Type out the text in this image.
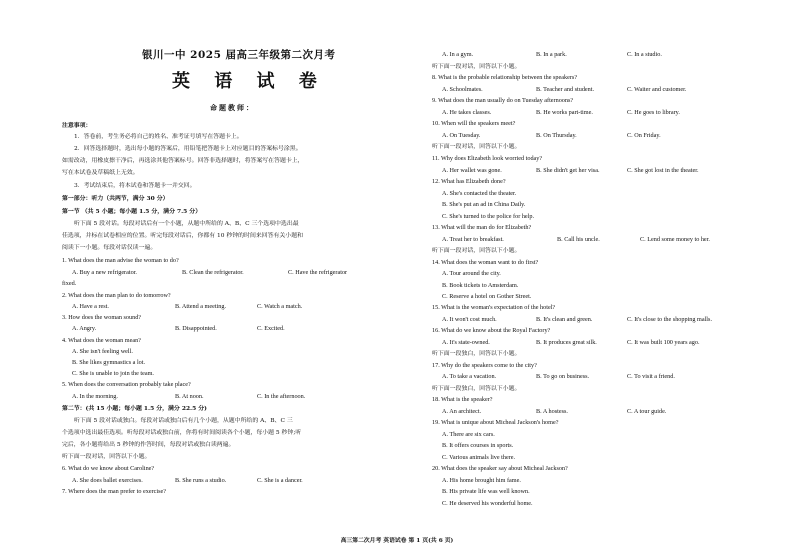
银川一中 2025 届高三年级第二次月考
英 语 试 卷
命题教师：
注意事项：
1．答卷前，考生务必将自己的姓名、准考证号填写在答题卡上。
2．回答选择题时，选出每小题的答案后，用铅笔把答题卡上对应题目的答案标号涂黑。
如需改动，用橡皮擦干净后，再选涂其他答案标号。回答非选择题时，将答案写在答题卡上，
写在本试卷及草稿纸上无效。
3．考试结束后，将本试卷和答题卡一并交回。
第一部分：听力（共两节，满分 30 分）
第一节 （共 5 小题；每小题 1.5 分，满分 7.5 分）
听下面 5 段对话。每段对话后有一个小题，从题中所给的 A、B、C 三个选项中选出最
佳选项，并标在试卷相应的位置。听完每段对话后，你都有 10 秒钟的时间来回答有关小题和
阅读下一小题。每段对话仅读一遍。
1. What does the man advise the woman to do?
A. Buy a new refrigerator.	B. Clean the refrigerator.	C. Have the refrigerator
fixed.
2. What does the man plan to do tomorrow?
A. Have a rest.	B. Attend a meeting.	C. Watch a match.
3. How does the woman sound?
A. Angry.	B. Disappointed.	C. Excited.
4. What does the woman mean?
A. She isn't feeling well.
B. She likes gymnastics a lot.
C. She is unable to join the team.
5. When does the conversation probably take place?
A. In the morning.	B. At noon.	C. In the afternoon.
第二节：(共 15 小题；每小题 1.5 分，满分 22.5 分)
听下面 5 段对话或独白。每段对话或独白后有几个小题，从题中所给的 A、B、C 三
个选项中选出最佳选项。听每段对话或独白前，你将有时间阅读各个小题，每小题 5 秒钟;听
完后，各小题将给出 5 秒钟的作答时间，每段对话或独白读两遍。
听下面一段对话，回答以下小题。
6. What do we know about Caroline?
A. She does ballet exercises.	B. She runs a studio.	C. She is a dancer.
7. Where does the man prefer to exercise?
A. In a gym.	B. In a park.	C. In a studio.
听下面一段对话，回答以下小题。
8. What is the probable relationship between the speakers?
A. Schoolmates.	B. Teacher and student.	C. Waiter and customer.
9. What does the man usually do on Tuesday afternoons?
A. He takes classes.	B. He works part-time.	C. He goes to library.
10. When will the speakers meet?
A. On Tuesday.	B. On Thursday.	C. On Friday.
听下面一段对话，回答以下小题。
11. Why does Elizabeth look worried today?
A. Her wallet was gone.	B. She didn't get her visa.	C. She got lost in the theater.
12. What has Elizabeth done?
A. She's contacted the theater.
B. She's put an ad in China Daily.
C. She's turned to the police for help.
13. What will the man do for Elizabeth?
A. Treat her to breakfast.	B. Call his uncle.	C. Lend some money to her.
听下面一段对话，回答以下小题。
14. What does the woman want to do first?
A. Tour around the city.
B. Book tickets to Amsterdam.
C. Reserve a hotel on Gother Street.
15. What is the woman's expectation of the hotel?
A. It won't cost much.	B. It's clean and green.	C. It's close to the shopping malls.
16. What do we know about the Royal Factory?
A. It's state-owned.	B. It produces great silk.	C. It was built 100 years ago.
听下面一段独白，回答以下小题。
17. Why do the speakers come to the city?
A. To take a vacation.	B. To go on business.	C. To visit a friend.
听下面一段独白，回答以下小题。
18. What is the speaker?
A. An architect.	B. A hostess.	C. A tour guide.
19. What is unique about Micheal Jackson's home?
A. There are six cars.
B. It offers courses in sports.
C. Various animals live there.
20. What does the speaker say about Micheal Jackson?
A. His home brought him fame.
B. His private life was well known.
C. He deserved his wonderful home.
高三第二次月考 英语试卷 第 1 页(共 6 页)
